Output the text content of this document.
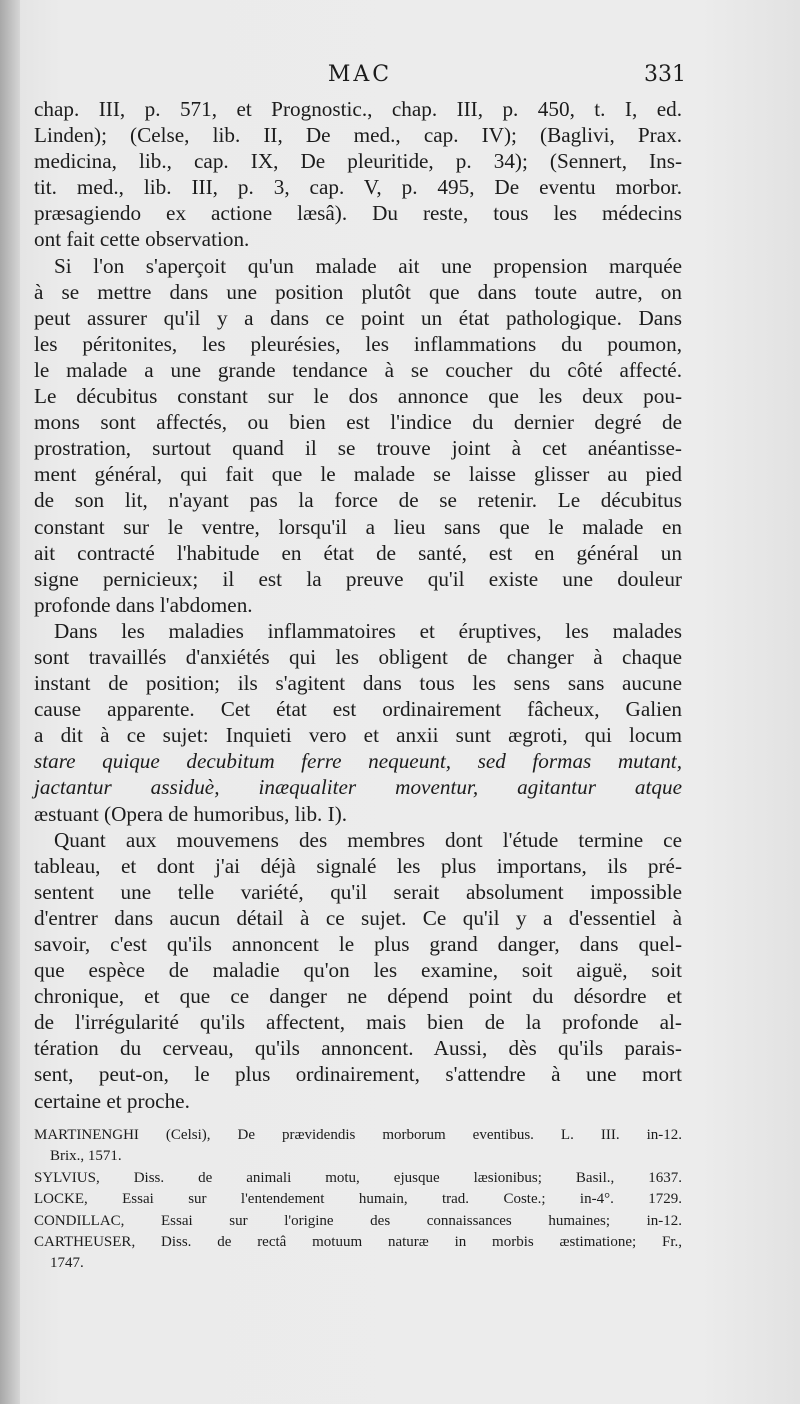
MAC	331
chap. III, p. 571, et Prognostic., chap. III, p. 450, t. I, ed.
Linden); (Celse, lib. II, De med., cap. IV); (Baglivi, Prax.
medicina, lib., cap. IX, De pleuritide, p. 34); (Sennert, Ins-
tit. med., lib. III, p. 3, cap. V, p. 495, De eventu morbor.
præsagiendo ex actione læsâ). Du reste, tous les médecins
ont fait cette observation.
Si l'on s'aperçoit qu'un malade ait une propension marquée
à se mettre dans une position plutôt que dans toute autre, on
peut assurer qu'il y a dans ce point un état pathologique. Dans
les péritonites, les pleurésies, les inflammations du poumon,
le malade a une grande tendance à se coucher du côté affecté.
Le décubitus constant sur le dos annonce que les deux pou-
mons sont affectés, ou bien est l'indice du dernier degré de
prostration, surtout quand il se trouve joint à cet anéantisse-
ment général, qui fait que le malade se laisse glisser au pied
de son lit, n'ayant pas la force de se retenir. Le décubitus
constant sur le ventre, lorsqu'il a lieu sans que le malade en
ait contracté l'habitude en état de santé, est en général un
signe pernicieux; il est la preuve qu'il existe une douleur
profonde dans l'abdomen.
Dans les maladies inflammatoires et éruptives, les malades
sont travaillés d'anxiétés qui les obligent de changer à chaque
instant de position; ils s'agitent dans tous les sens sans aucune
cause apparente. Cet état est ordinairement fâcheux, Galien
a dit à ce sujet: Inquieti vero et anxii sunt ægroti, qui locum
stare quique decubitum ferre nequeunt, sed formas mutant,
jactantur assiduè, inæqualiter moventur, agitantur atque
æstuant (Opera de humoribus, lib. I).
Quant aux mouvemens des membres dont l'étude termine ce
tableau, et dont j'ai déjà signalé les plus importans, ils pré-
sentent une telle variété, qu'il serait absolument impossible
d'entrer dans aucun détail à ce sujet. Ce qu'il y a d'essentiel à
savoir, c'est qu'ils annoncent le plus grand danger, dans quel-
que espèce de maladie qu'on les examine, soit aiguë, soit
chronique, et que ce danger ne dépend point du désordre et
de l'irrégularité qu'ils affectent, mais bien de la profonde al-
tération du cerveau, qu'ils annoncent. Aussi, dès qu'ils parais-
sent, peut-on, le plus ordinairement, s'attendre à une mort
certaine et proche.
MARTINENGHI (Celsi), De prævidendis morborum eventibus. L. III. in-12.
Brix., 1571.
SYLVIUS, Diss. de animali motu, ejusque læsionibus; Basil., 1637.
LOCKE, Essai sur l'entendement humain, trad. Coste.; in-4°. 1729.
CONDILLAC, Essai sur l'origine des connaissances humaines; in-12.
CARTHEUSER, Diss. de rectâ motuum naturæ in morbis æstimatione; Fr.,
1747.
